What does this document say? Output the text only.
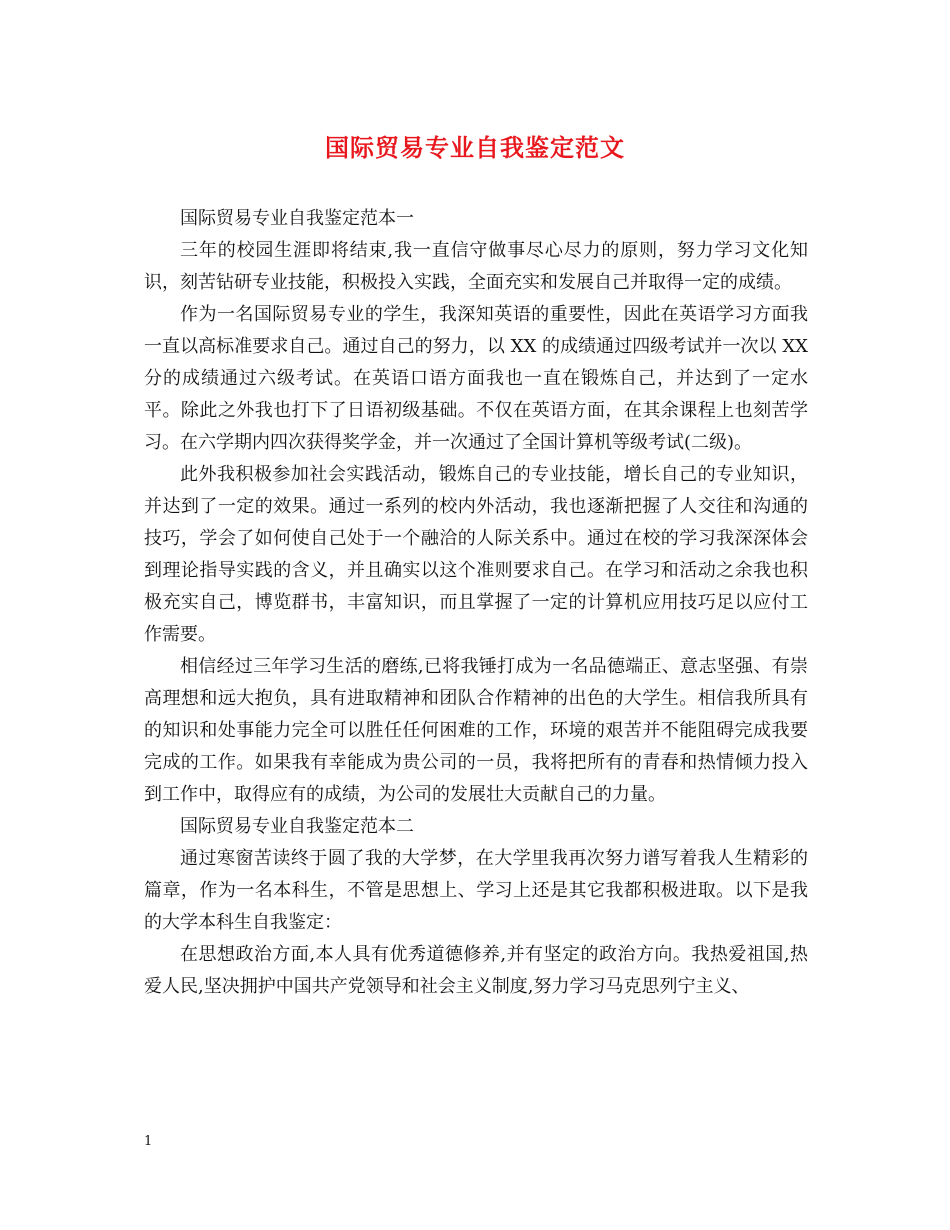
国际贸易专业自我鉴定范文

国际贸易专业自我鉴定范本一

三年的校园生涯即将结束,我一直信守做事尽心尽力的原则，努力学习文化知识，刻苦钻研专业技能，积极投入实践，全面充实和发展自己并取得一定的成绩。

作为一名国际贸易专业的学生，我深知英语的重要性，因此在英语学习方面我一直以高标准要求自己。通过自己的努力，以 XX 的成绩通过四级考试并一次以 XX 分的成绩通过六级考试。在英语口语方面我也一直在锻炼自己，并达到了一定水平。除此之外我也打下了日语初级基础。不仅在英语方面，在其余课程上也刻苦学习。在六学期内四次获得奖学金，并一次通过了全国计算机等级考试(二级)。

此外我积极参加社会实践活动，锻炼自己的专业技能，增长自己的专业知识，并达到了一定的效果。通过一系列的校内外活动，我也逐渐把握了人交往和沟通的技巧，学会了如何使自己处于一个融洽的人际关系中。通过在校的学习我深深体会到理论指导实践的含义，并且确实以这个准则要求自己。在学习和活动之余我也积极充实自己，博览群书，丰富知识，而且掌握了一定的计算机应用技巧足以应付工作需要。

相信经过三年学习生活的磨练,已将我锤打成为一名品德端正、意志坚强、有崇高理想和远大抱负，具有进取精神和团队合作精神的出色的大学生。相信我所具有的知识和处事能力完全可以胜任任何困难的工作，环境的艰苦并不能阻碍完成我要完成的工作。如果我有幸能成为贵公司的一员，我将把所有的青春和热情倾力投入到工作中，取得应有的成绩，为公司的发展壮大贡献自己的力量。

国际贸易专业自我鉴定范本二

通过寒窗苦读终于圆了我的大学梦，在大学里我再次努力谱写着我人生精彩的篇章，作为一名本科生，不管是思想上、学习上还是其它我都积极进取。以下是我的大学本科生自我鉴定：

在思想政治方面,本人具有优秀道德修养,并有坚定的政治方向。我热爱祖国,热爱人民,坚决拥护中国共产党领导和社会主义制度,努力学习马克思列宁主义、

1
